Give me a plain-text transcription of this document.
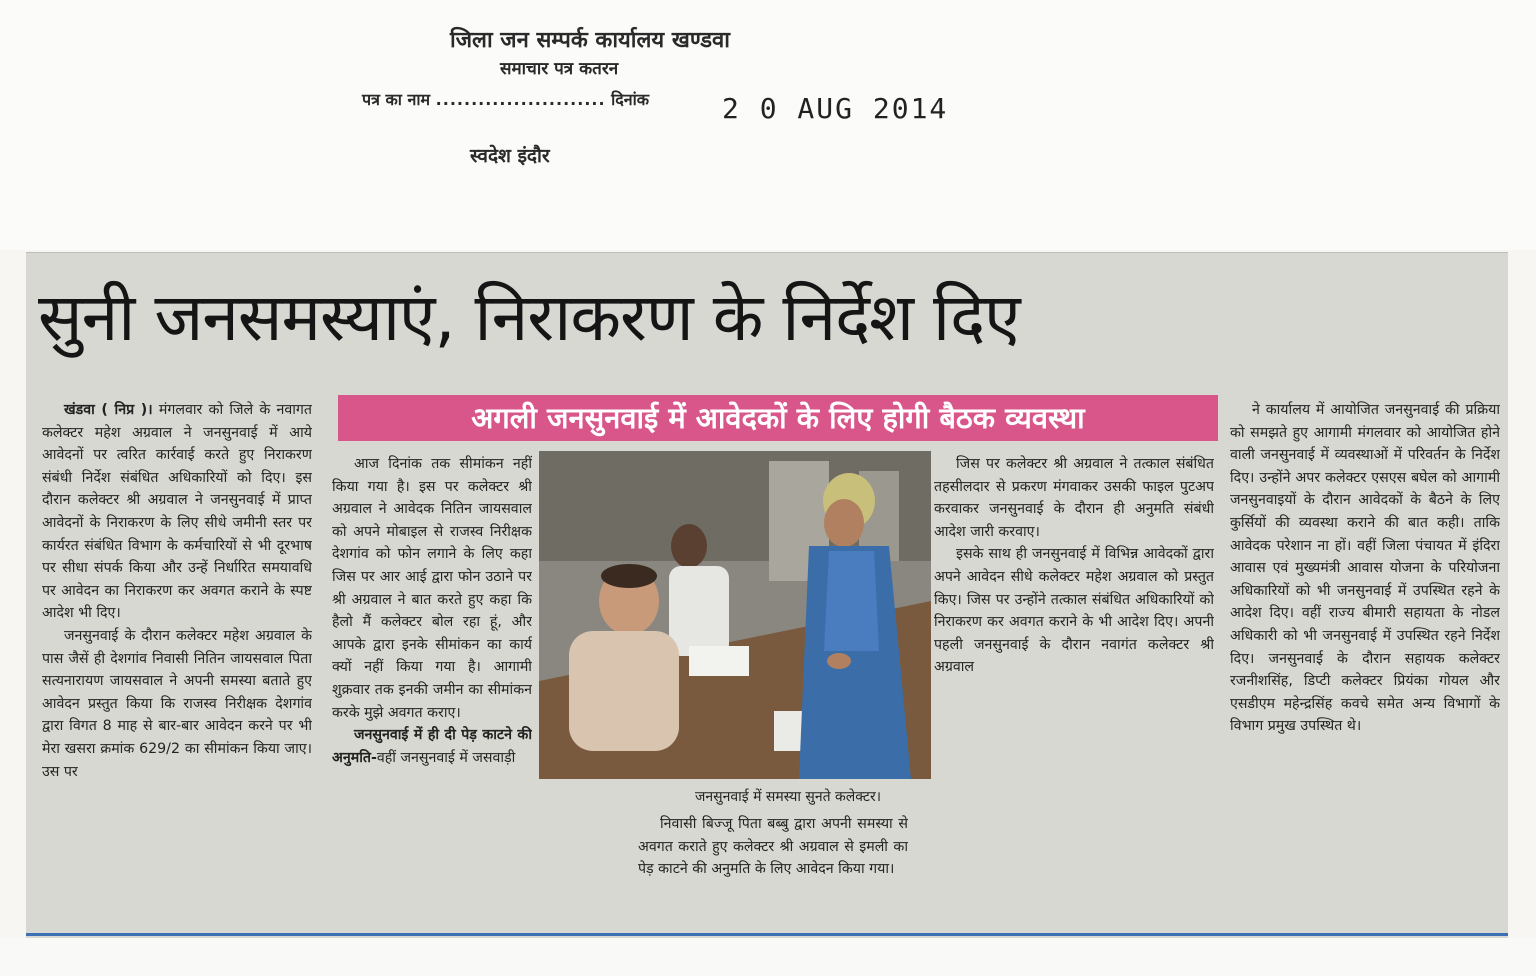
जिला जन सम्पर्क कार्यालय खण्डवा
समाचार पत्र कतरन
पत्र का नाम ........................ दिनांक	2 0 AUG 2014
स्वदेश इंदौर
सुनी जनसमस्याएं, निराकरण के निर्देश दिए
अगली जनसुनवाई में आवेदकों के लिए होगी बैठक व्यवस्था

खंडवा ( निप्र )। मंगलवार को जिले के नवागत कलेक्टर महेश अग्रवाल ने जनसुनवाई में आये आवेदनों पर त्वरित कार्रवाई करते हुए निराकरण संबंधी निर्देश संबंधित अधिकारियों को दिए। इस दौरान कलेक्टर श्री अग्रवाल ने जनसुनवाई में प्राप्त आवेदनों के निराकरण के लिए सीधे जमीनी स्तर पर कार्यरत संबंधित विभाग के कर्मचारियों से भी दूरभाष पर सीधा संपर्क किया और उन्हें निर्धारित समयावधि पर आवेदन का निराकरण कर अवगत कराने के स्पष्ट आदेश भी दिए।

जनसुनवाई के दौरान कलेक्टर महेश अग्रवाल के पास जैसें ही देशगांव निवासी नितिन जायसवाल पिता सत्यनारायण जायसवाल ने अपनी समस्या बताते हुए आवेदन प्रस्तुत किया कि राजस्व निरीक्षक देशगांव द्वारा विगत 8 माह से बार-बार आवेदन करने पर भी मेरा खसरा क्रमांक 629/2 का सीमांकन किया जाए। उस पर

आज दिनांक तक सीमांकन नहीं किया गया है। इस पर कलेक्टर श्री अग्रवाल ने आवेदक नितिन जायसवाल को अपने मोबाइल से राजस्व निरीक्षक देशगांव को फोन लगाने के लिए कहा जिस पर आर आई द्वारा फोन उठाने पर श्री अग्रवाल ने बात करते हुए कहा कि हैलो मैं कलेक्टर बोल रहा हूं, और आपके द्वारा इनके सीमांकन का कार्य क्यों नहीं किया गया है। आगामी शुक्रवार तक इनकी जमीन का सीमांकन करके मुझे अवगत कराए।

जनसुनवाई में ही दी पेड़ काटने की अनुमति-वहीं जनसुनवाई में जसवाड़ी

जनसुनवाई में समस्या सुनते कलेक्टर।

निवासी बिज्जू पिता बब्बु द्वारा अपनी समस्या से अवगत कराते हुए कलेक्टर श्री अग्रवाल से इमली का पेड़ काटने की अनुमति के लिए आवेदन किया गया।

जिस पर कलेक्टर श्री अग्रवाल ने तत्काल संबंधित तहसीलदार से प्रकरण मंगवाकर उसकी फाइल पुटअप करवाकर जनसुनवाई के दौरान ही अनुमति संबंधी आदेश जारी करवाए।

इसके साथ ही जनसुनवाई में विभिन्न आवेदकों द्वारा अपने आवेदन सीधे कलेक्टर महेश अग्रवाल को प्रस्तुत किए। जिस पर उन्होंने तत्काल संबंधित अधिकारियों को निराकरण कर अवगत कराने के भी आदेश दिए। अपनी पहली जनसुनवाई के दौरान नवागंत कलेक्टर श्री अग्रवाल

ने कार्यालय में आयोजित जनसुनवाई की प्रक्रिया को समझते हुए आगामी मंगलवार को आयोजित होने वाली जनसुनवाई में व्यवस्थाओं में परिवर्तन के निर्देश दिए। उन्होंने अपर कलेक्टर एसएस बघेल को आगामी जनसुनवाइयों के दौरान आवेदकों के बैठने के लिए कुर्सियों की व्यवस्था कराने की बात कही। ताकि आवेदक परेशान ना हों। वहीं जिला पंचायत में इंदिरा आवास एवं मुख्यमंत्री आवास योजना के परियोजना अधिकारियों को भी जनसुनवाई में उपस्थित रहने के आदेश दिए। वहीं राज्य बीमारी सहायता के नोडल अधिकारी को भी जनसुनवाई में उपस्थित रहने निर्देश दिए। जनसुनवाई के दौरान सहायक कलेक्टर रजनीशसिंह, डिप्टी कलेक्टर प्रियंका गोयल और एसडीएम महेन्द्रसिंह कवचे समेत अन्य विभागों के विभाग प्रमुख उपस्थित थे।
